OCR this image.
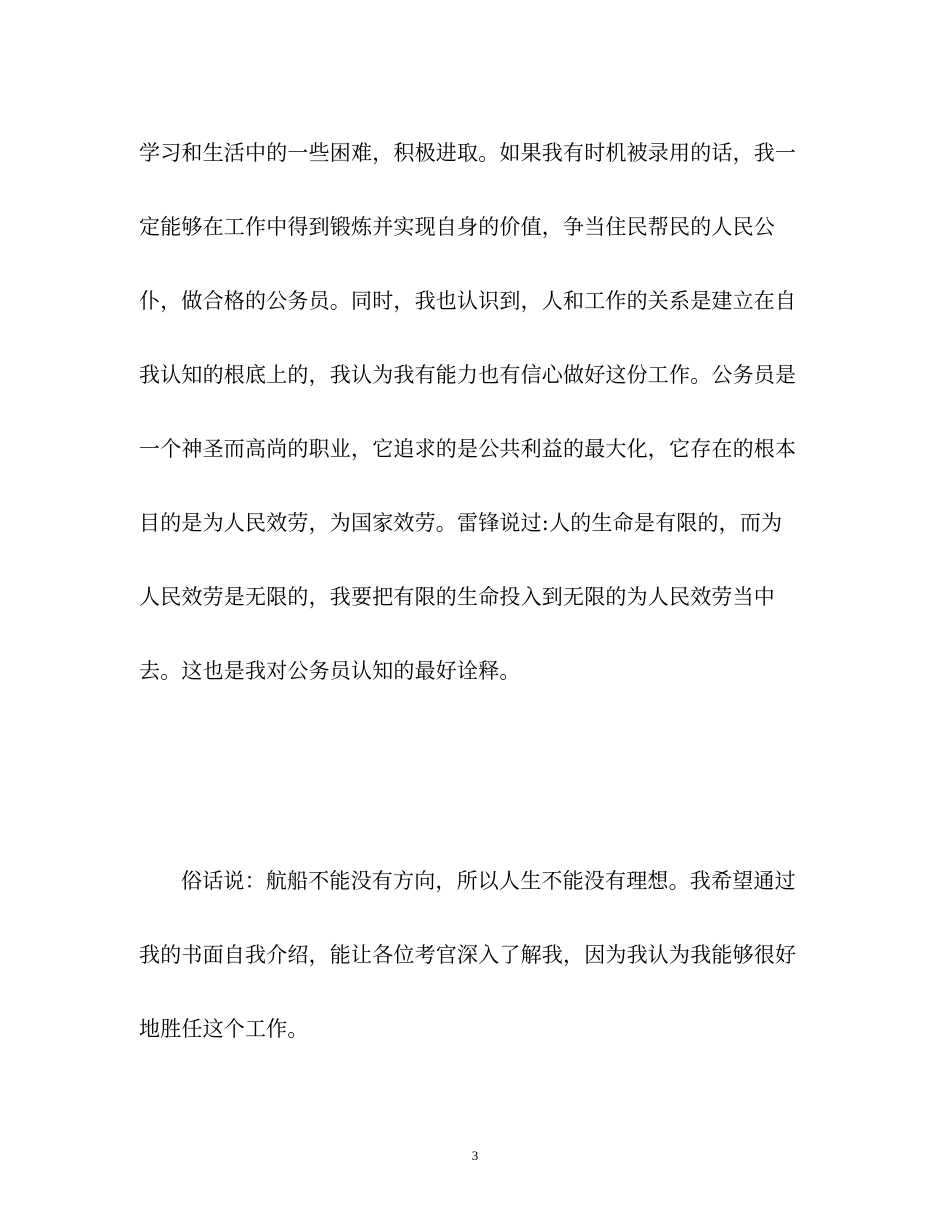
学习和生活中的一些困难，积极进取。如果我有时机被录用的话，我一
定能够在工作中得到锻炼并实现自身的价值，争当住民帮民的人民公
仆，做合格的公务员。同时，我也认识到，人和工作的关系是建立在自
我认知的根底上的，我认为我有能力也有信心做好这份工作。公务员是
一个神圣而高尚的职业，它追求的是公共利益的最大化，它存在的根本
目的是为人民效劳，为国家效劳。雷锋说过:人的生命是有限的，而为
人民效劳是无限的，我要把有限的生命投入到无限的为人民效劳当中
去。这也是我对公务员认知的最好诠释。
俗话说：航船不能没有方向，所以人生不能没有理想。我希望通过
我的书面自我介绍，能让各位考官深入了解我，因为我认为我能够很好
地胜任这个工作。
3
